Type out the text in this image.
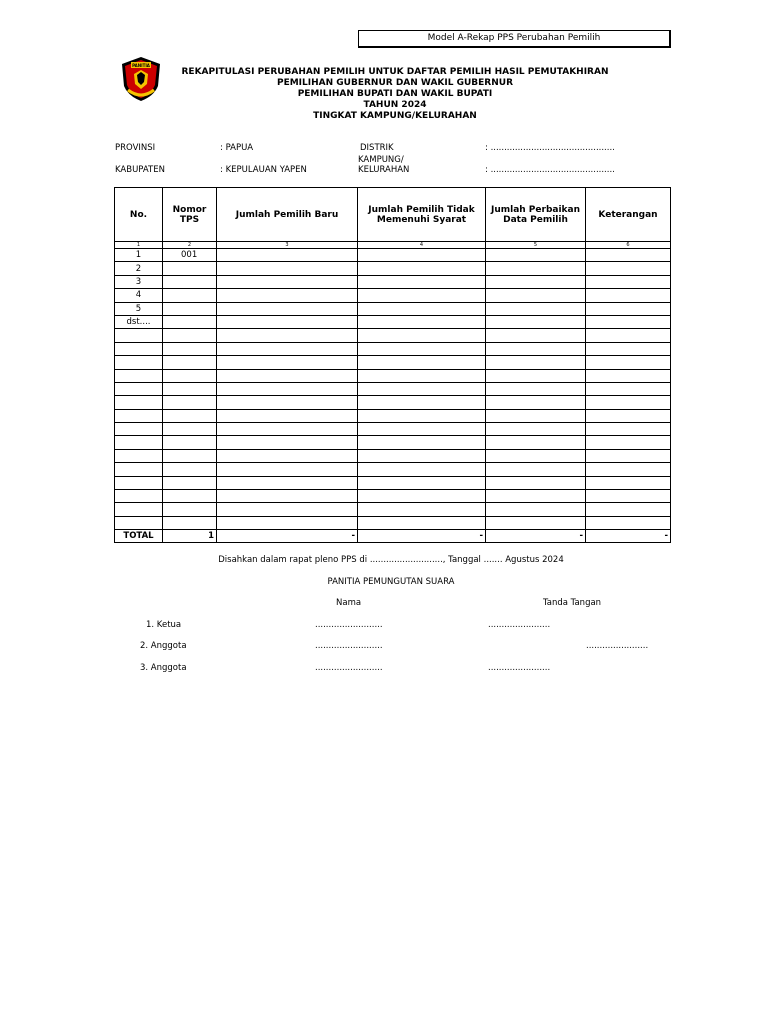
Model A-Rekap PPS Perubahan Pemilih
PANITIA
REKAPITULASI PERUBAHAN PEMILIH UNTUK DAFTAR PEMILIH HASIL PEMUTAKHIRAN
PEMILIHAN GUBERNUR DAN WAKIL GUBERNUR
PEMILIHAN BUPATI DAN WAKIL BUPATI
TAHUN 2024
TINGKAT KAMPUNG/KELURAHAN
PROVINSI	: PAPUA	DISTRIK	: ..............................................
KABUPATEN	: KEPULAUAN YAPEN
KAMPUNG/
KELURAHAN	: ..............................................
No.	Nomor TPS	Jumlah Pemilih Baru	Jumlah Pemilih Tidak Memenuhi Syarat	Jumlah Perbaikan Data Pemilih	Keterangan
1	2	3	4	5	6
1	001				
2					
3					
4					
5					
dst....					

TOTAL	1	-	-	-	-
Disahkan dalam rapat pleno PPS di ..........................., Tanggal ....... Agustus 2024
PANITIA PEMUNGUTAN SUARA
Nama	Tanda Tangan
1. Ketua	.........................	.......................
2. Anggota	.........................	.......................
3. Anggota	.........................	.......................
